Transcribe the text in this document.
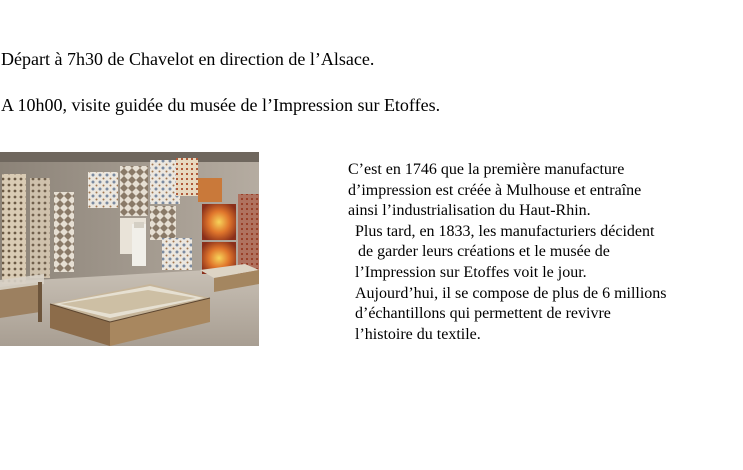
Départ à 7h30 de Chavelot en direction de l’Alsace.
A 10h00, visite guidée du musée de l’Impression sur Etoffes.
C’est en 1746 que la première manufacture
d’impression est créée à Mulhouse et entraîne
ainsi l’industrialisation du Haut-Rhin.
Plus tard, en 1833, les manufacturiers décident
de garder leurs créations et le musée de
l’Impression sur Etoffes voit le jour.
Aujourd’hui, il se compose de plus de 6 millions
d’échantillons qui permettent de revivre
l’histoire du textile.
